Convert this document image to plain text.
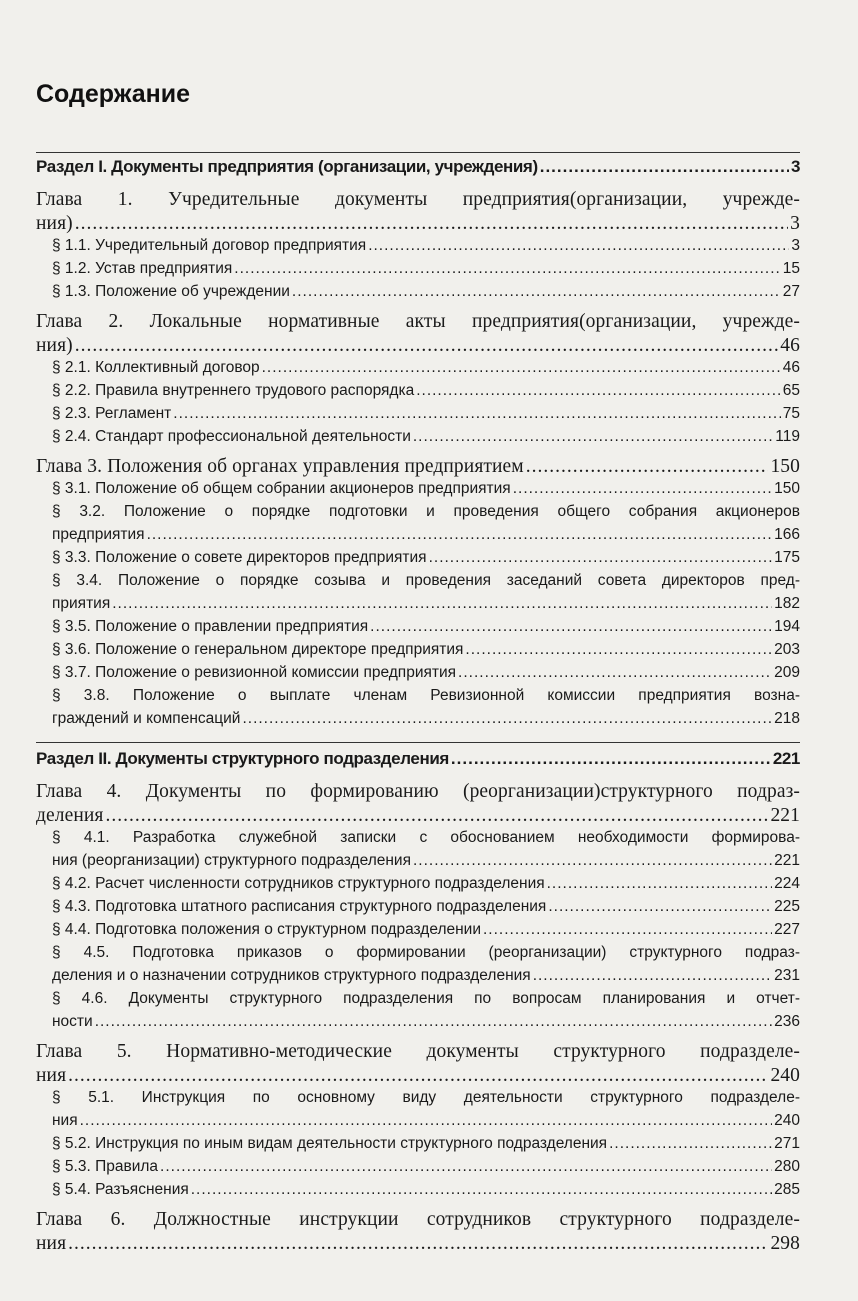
Содержание
Раздел I. Документы предприятия (организации, учреждения) .....	3
Глава 1. Учредительные документы предприятия(организации, учрежде-
ния) .....	3
§ 1.1. Учредительный договор предприятия .....	3
§ 1.2. Устав предприятия .....	15
§ 1.3. Положение об учреждении .....	27
Глава 2. Локальные нормативные акты предприятия(организации, учрежде-
ния) .....	46
§ 2.1. Коллективный договор .....	46
§ 2.2. Правила внутреннего трудового распорядка .....	65
§ 2.3. Регламент .....	75
§ 2.4. Стандарт профессиональной деятельности .....	119
Глава 3. Положения об органах управления предприятием .....	150
§ 3.1. Положение об общем собрании акционеров предприятия .....	150
§ 3.2. Положение о порядке подготовки и проведения общего собрания акционеров
предприятия .....	166
§ 3.3. Положение о совете директоров предприятия .....	175
§ 3.4. Положение о порядке созыва и проведения заседаний совета директоров пред-
приятия .....	182
§ 3.5. Положение о правлении предприятия .....	194
§ 3.6. Положение о генеральном директоре предприятия .....	203
§ 3.7. Положение о ревизионной комиссии предприятия .....	209
§ 3.8. Положение о выплате членам Ревизионной комиссии предприятия возна-
граждений и компенсаций .....	218
Раздел II. Документы структурного подразделения .....	221
Глава 4. Документы по формированию (реорганизации)структурного подраз-
деления .....	221
§ 4.1. Разработка служебной записки с обоснованием необходимости формирова-
ния (реорганизации) структурного подразделения .....	221
§ 4.2. Расчет численности сотрудников структурного подразделения .....	224
§ 4.3. Подготовка штатного расписания структурного подразделения .....	225
§ 4.4. Подготовка положения о структурном подразделении .....	227
§ 4.5. Подготовка приказов о формировании (реорганизации) структурного подраз-
деления и о назначении сотрудников структурного подразделения .....	231
§ 4.6. Документы структурного подразделения по вопросам планирования и отчет-
ности .....	236
Глава 5. Нормативно-методические документы структурного подразделе-
ния .....	240
§ 5.1. Инструкция по основному виду деятельности структурного подразделе-
ния .....	240
§ 5.2. Инструкция по иным видам деятельности структурного подразделения .....	271
§ 5.3. Правила .....	280
§ 5.4. Разъяснения .....	285
Глава 6. Должностные инструкции сотрудников структурного подразделе-
ния .....	298
